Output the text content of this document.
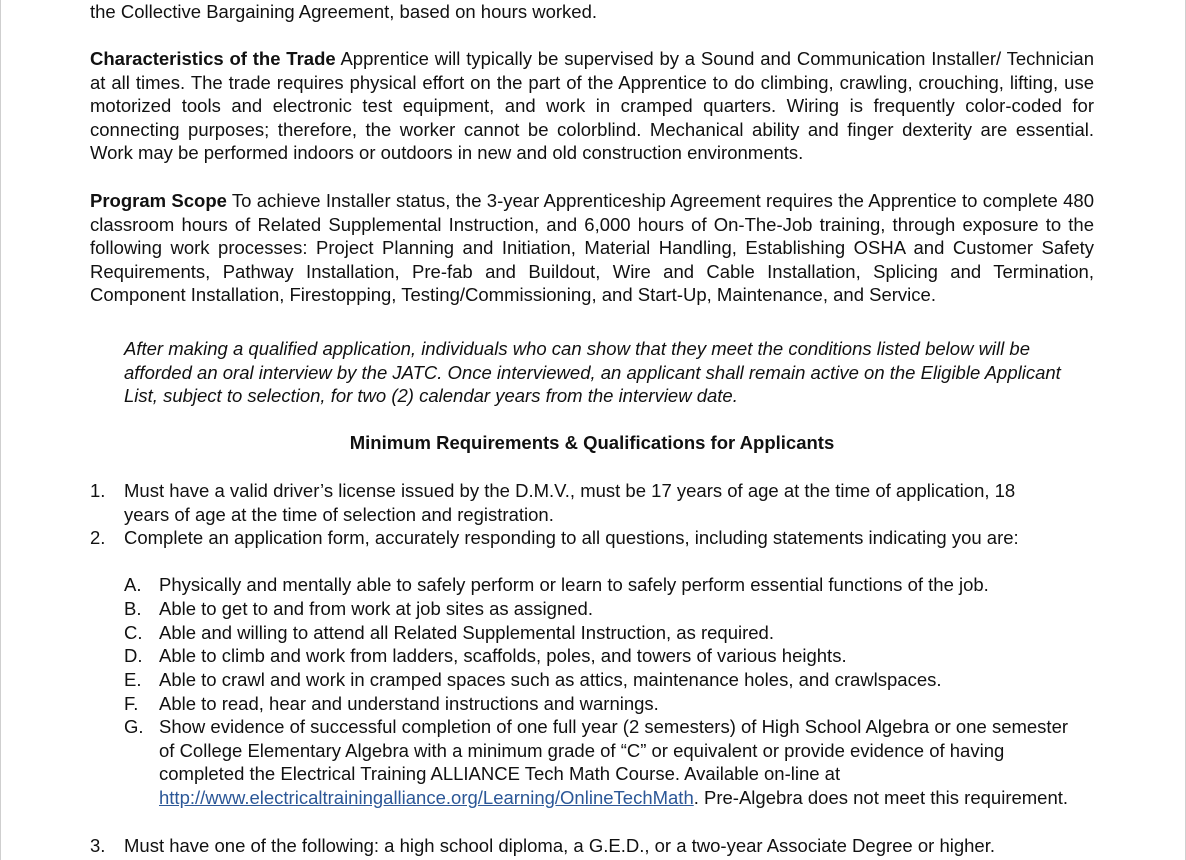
the Collective Bargaining Agreement, based on hours worked.

Characteristics of the Trade Apprentice will typically be supervised by a Sound and Communication Installer/ Technician at all times. The trade requires physical effort on the part of the Apprentice to do climbing, crawling, crouching, lifting, use motorized tools and electronic test equipment, and work in cramped quarters. Wiring is frequently color-coded for connecting purposes; therefore, the worker cannot be colorblind. Mechanical ability and finger dexterity are essential. Work may be performed indoors or outdoors in new and old construction environments.

Program Scope To achieve Installer status, the 3-year Apprenticeship Agreement requires the Apprentice to complete 480 classroom hours of Related Supplemental Instruction, and 6,000 hours of On-The-Job training, through exposure to the following work processes: Project Planning and Initiation, Material Handling, Establishing OSHA and Customer Safety Requirements, Pathway Installation, Pre-fab and Buildout, Wire and Cable Installation, Splicing and Termination, Component Installation, Firestopping, Testing/Commissioning, and Start-Up, Maintenance, and Service.

After making a qualified application, individuals who can show that they meet the conditions listed below will be afforded an oral interview by the JATC. Once interviewed, an applicant shall remain active on the Eligible Applicant List, subject to selection, for two (2) calendar years from the interview date.

Minimum Requirements & Qualifications for Applicants
1.	Must have a valid driver’s license issued by the D.M.V., must be 17 years of age at the time of application, 18 years of age at the time of selection and registration.
2.	Complete an application form, accurately responding to all questions, including statements indicating you are:
A. Physically and mentally able to safely perform or learn to safely perform essential functions of the job.
B. Able to get to and from work at job sites as assigned.
C. Able and willing to attend all Related Supplemental Instruction, as required.
D. Able to climb and work from ladders, scaffolds, poles, and towers of various heights.
E. Able to crawl and work in cramped spaces such as attics, maintenance holes, and crawlspaces.
F.	Able to read, hear and understand instructions and warnings.
G. Show evidence of successful completion of one full year (2 semesters) of High School Algebra or one semester of College Elementary Algebra with a minimum grade of “C” or equivalent or provide evidence of having completed the Electrical Training ALLIANCE Tech Math Course. Available on-line at http://www.electricaltrainingalliance.org/Learning/OnlineTechMath. Pre-Algebra does not meet this requirement.
3.	Must have one of the following: a high school diploma, a G.E.D., or a two-year Associate Degree or higher.
